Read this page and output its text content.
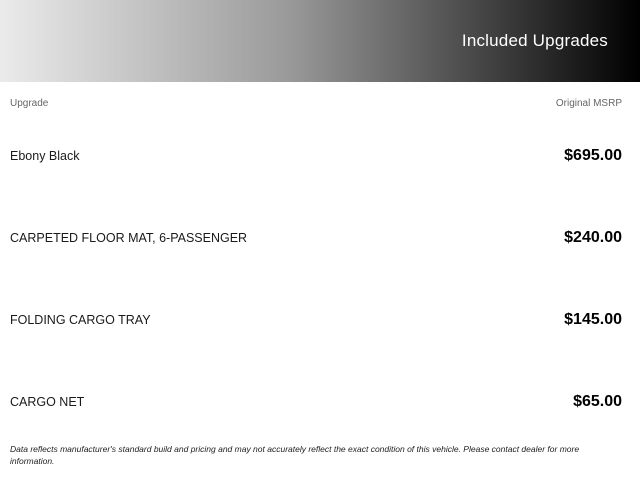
Included Upgrades
Upgrade	Original MSRP
Ebony Black	$695.00
CARPETED FLOOR MAT, 6-PASSENGER	$240.00
FOLDING CARGO TRAY	$145.00
CARGO NET	$65.00
Data reflects manufacturer's standard build and pricing and may not accurately reflect the exact condition of this vehicle. Please contact dealer for more information.
